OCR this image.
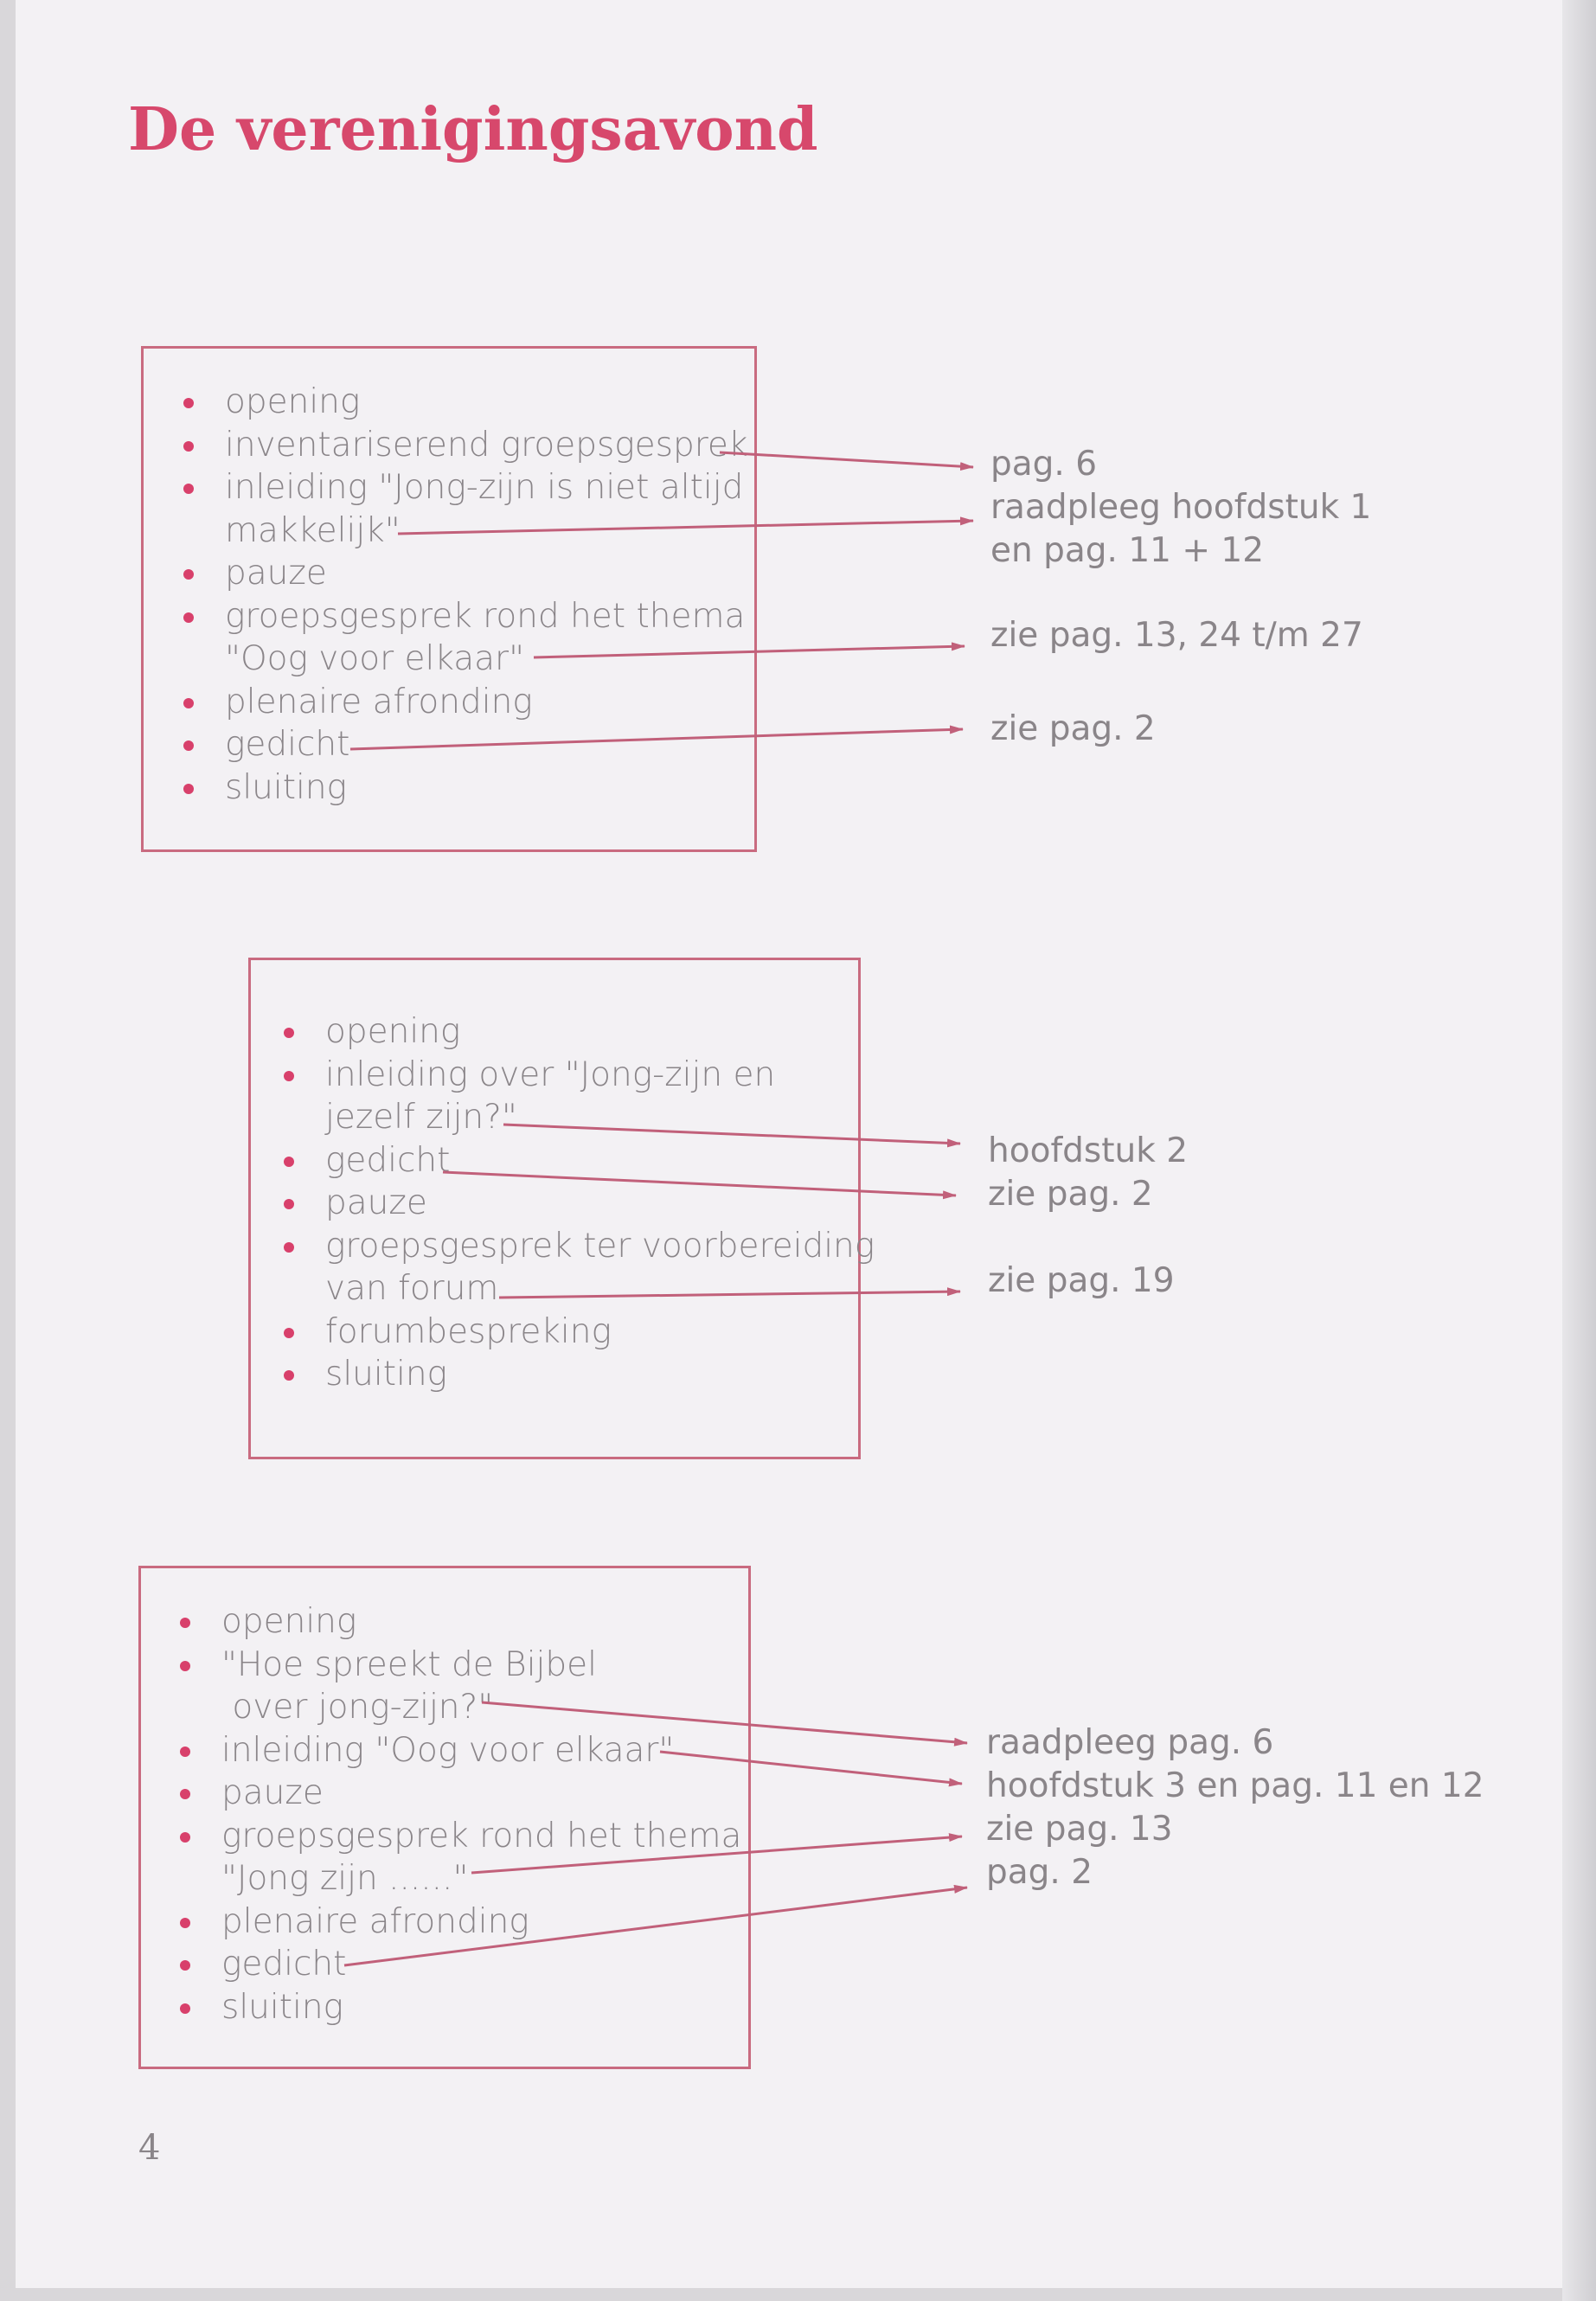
De verenigingsavond
opening
inventariserend groepsgesprek
inleiding "Jong-zijn is niet altijd
makkelijk"
pauze
groepsgesprek rond het thema
"Oog voor elkaar"
plenaire afronding
gedicht
sluiting
pag. 6
raadpleeg hoofdstuk 1
en pag. 11 + 12
zie pag. 13, 24 t/m 27
zie pag. 2
opening
inleiding over "Jong-zijn en
jezelf zijn?"
gedicht
pauze
groepsgesprek ter voorbereiding
van forum
forumbespreking
sluiting
hoofdstuk 2
zie pag. 2
zie pag. 19
opening
"Hoe spreekt de Bijbel
over jong-zijn?"
inleiding "Oog voor elkaar"
pauze
groepsgesprek rond het thema
"Jong zijn ......"
plenaire afronding
gedicht
sluiting
raadpleeg pag. 6
hoofdstuk 3 en pag. 11 en 12
zie pag. 13
pag. 2
4
